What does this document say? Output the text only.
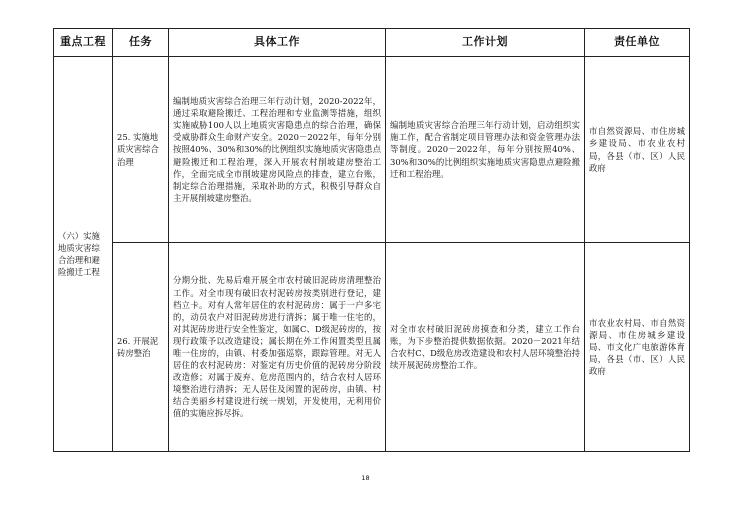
重点工程	任务	具体工作	工作计划	责任单位
（六）实施地质灾害综合治理和避险搬迁工程	25. 实施地质灾害综合治理	编制地质灾害综合治理三年行动计划，2020-2022年，通过采取避险搬迁、工程治理和专业监测等措施，组织实施威胁100人以上地质灾害隐患点的综合治理，确保受威胁群众生命财产安全。2020－2022年，每年分别按照40%、30%和30%的比例组织实施地质灾害隐患点避险搬迁和工程治理，深入开展农村削坡建房整治工作，全面完成全市削坡建房风险点的排查，建立台账，制定综合治理措施，采取补助的方式，积极引导群众自主开展削坡建房整治。	编制地质灾害综合治理三年行动计划，启动组织实施工作，配合省制定项目管理办法和资金管理办法等制度。2020－2022年，每年分别按照40%、30%和30%的比例组织实施地质灾害隐患点避险搬迁和工程治理。	市自然资源局、市住房城乡建设局、市农业农村局，各县（市、区）人民政府
	26. 开展泥砖房整治	分期分批、先易后难开展全市农村破旧泥砖房清理整治工作。对全市现有破旧农村泥砖房按类别进行登记，建档立卡。对有人常年居住的农村泥砖房：属于一户多宅的，动员农户对旧泥砖房进行清拆；属于唯一住宅的，对其泥砖房进行安全性鉴定，如属C、D级泥砖房的，按现行政策予以改造建设；属长期在外工作闲置类型且属唯一住房的，由镇、村委加强巡察，跟踪管理。对无人居住的农村泥砖房：对鉴定有历史价值的泥砖房分阶段改造修；对属于废弃、危房范围内的，结合农村人居环境整治进行清拆；无人居住及闲置的泥砖房，由镇、村结合美丽乡村建设进行统一规划，开发使用，无利用价值的实施应拆尽拆。	对全市农村破旧泥砖房摸查和分类，建立工作台账，为下步整治提供数据依据。2020－2021年结合农村C、D级危房改造建设和农村人居环境整治持续开展泥砖房整治工作。	市农业农村局、市自然资源局、市住房城乡建设局、市文化广电旅游体育局，各县（市、区）人民政府
18
